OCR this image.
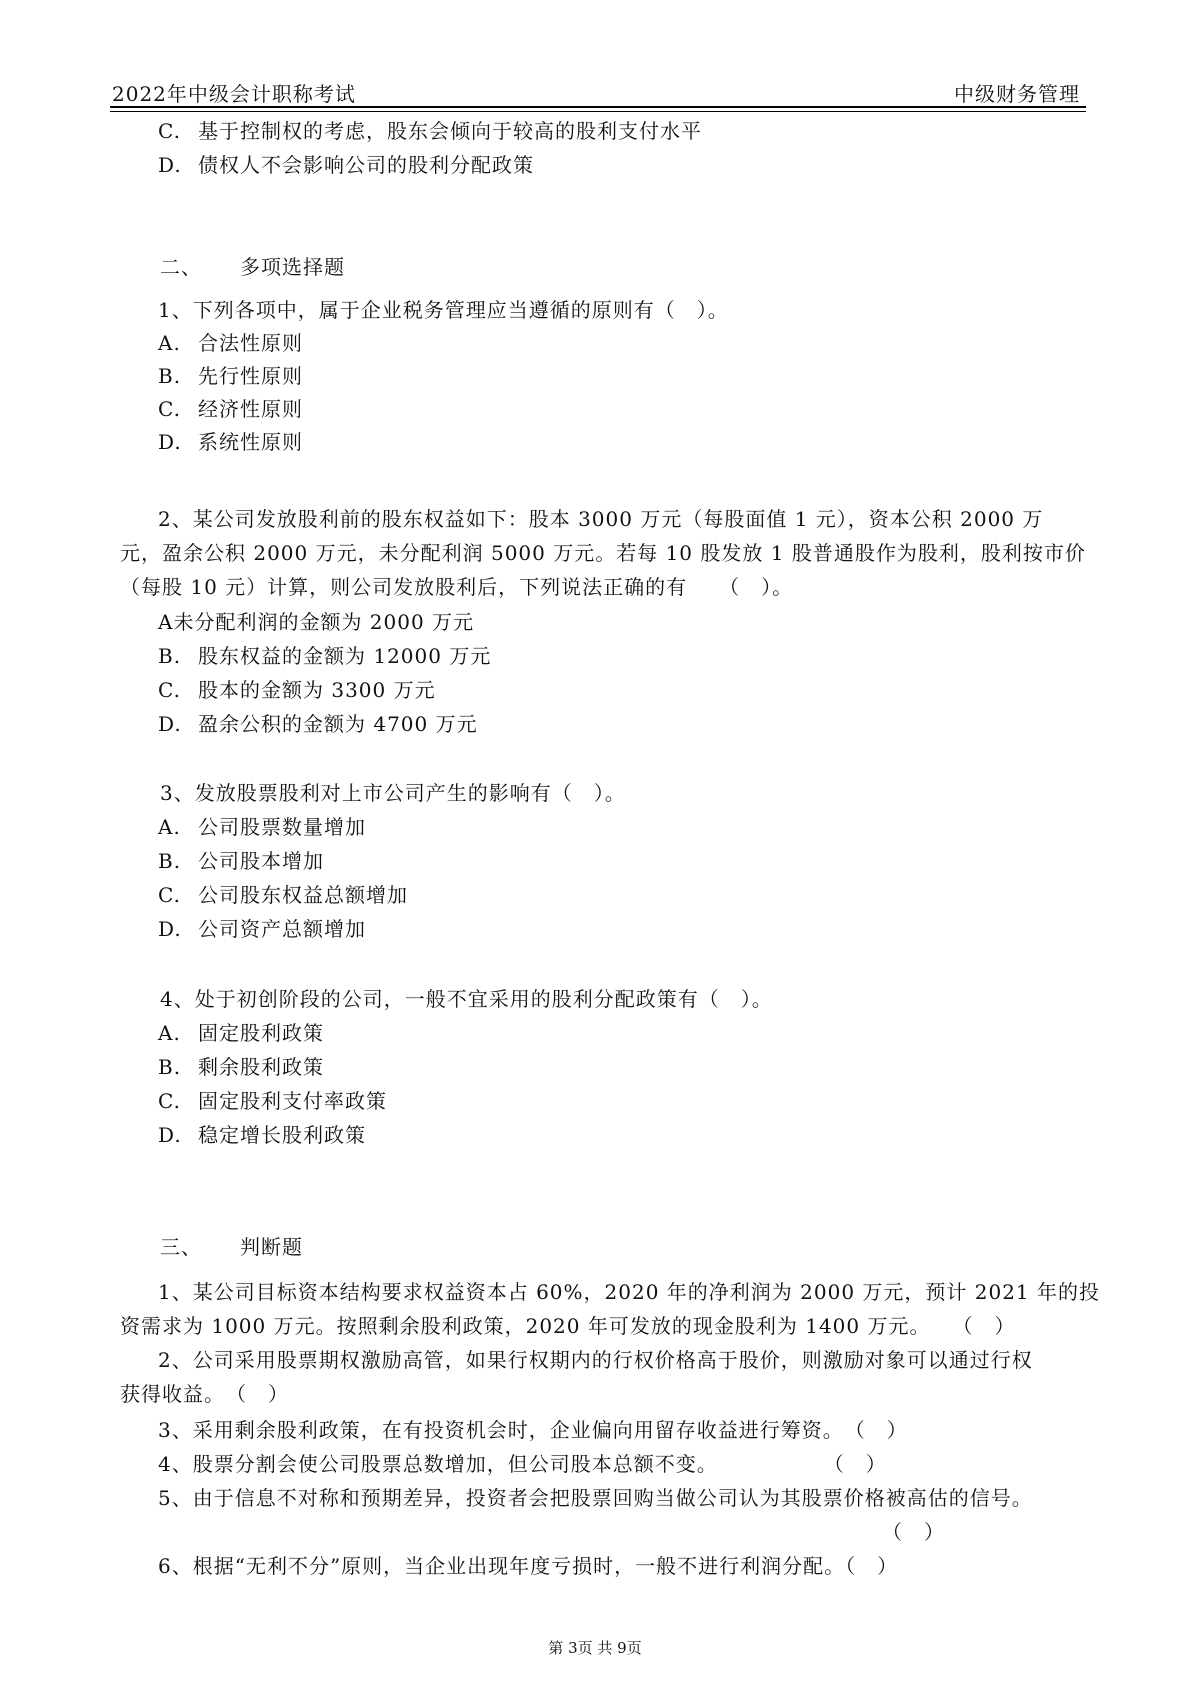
2022年中级会计职称考试	中级财务管理
C. 基于控制权的考虑，股东会倾向于较高的股利支付水平
D. 债权人不会影响公司的股利分配政策
二、 多项选择题
1、下列各项中，属于企业税务管理应当遵循的原则有（　）。
A. 合法性原则
B. 先行性原则
C. 经济性原则
D. 系统性原则
2、某公司发放股利前的股东权益如下：股本 3000 万元（每股面值 1 元），资本公积 2000 万
元，盈余公积 2000 万元，未分配利润 5000 万元。若每 10 股发放 1 股普通股作为股利，股利按市价
（每股 10 元）计算，则公司发放股利后，下列说法正确的有　　（　）。
A未分配利润的金额为 2000 万元
B. 股东权益的金额为 12000 万元
C. 股本的金额为 3300 万元
D. 盈余公积的金额为 4700 万元
3、发放股票股利对上市公司产生的影响有（　）。
A. 公司股票数量增加
B. 公司股本增加
C. 公司股东权益总额增加
D. 公司资产总额增加
4、处于初创阶段的公司，一般不宜采用的股利分配政策有（　）。
A. 固定股利政策
B. 剩余股利政策
C. 固定股利支付率政策
D. 稳定增长股利政策
三、 判断题
1、某公司目标资本结构要求权益资本占 60%，2020 年的净利润为 2000 万元，预计 2021 年的投
资需求为 1000 万元。按照剩余股利政策，2020 年可发放的现金股利为 1400 万元。　　（　）
2、公司采用股票期权激励高管，如果行权期内的行权价格高于股价，则激励对象可以通过行权
获得收益。　（　）
3、采用剩余股利政策，在有投资机会时，企业偏向用留存收益进行筹资。　（　）
4、股票分割会使公司股票总数增加，但公司股本总额不变。　　　　　　（　）
5、由于信息不对称和预期差异，投资者会把股票回购当做公司认为其股票价格被高估的信号。
（　）
6、根据“无利不分”原则，当企业出现年度亏损时，一般不进行利润分配。（　）
第 3页 共 9页
